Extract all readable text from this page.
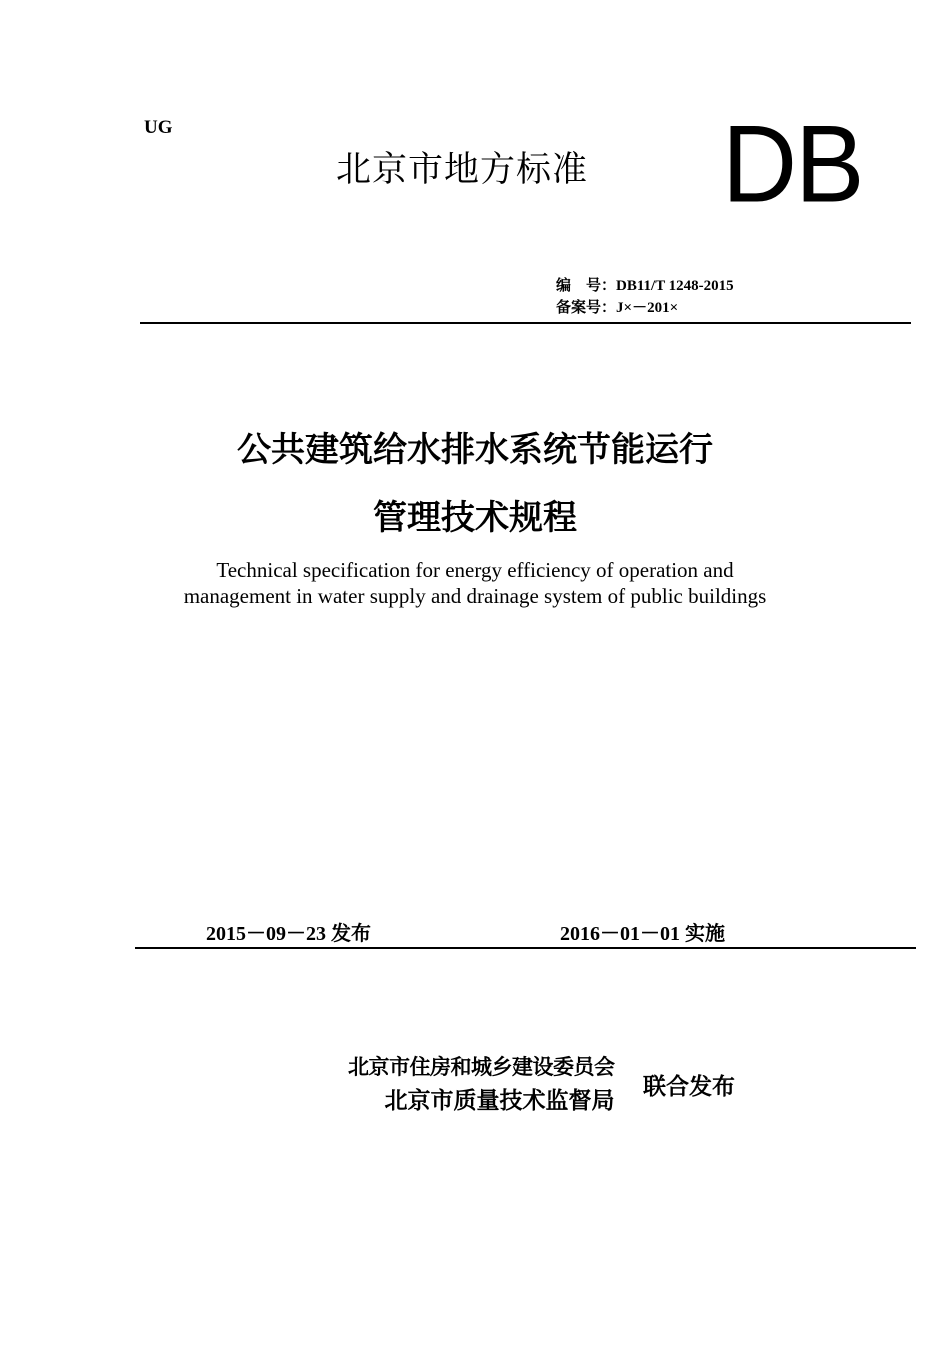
UG
北京市地方标准 DB
编　号：DB11/T 1248-2015
备案号：J×－201×
公共建筑给水排水系统节能运行
管理技术规程
Technical specification for energy efficiency of operation and
management in water supply and drainage system of public buildings
2015－09－23 发布	2016－01－01 实施
北京市住房和城乡建设委员会
北京市质量技术监督局
联合发布
